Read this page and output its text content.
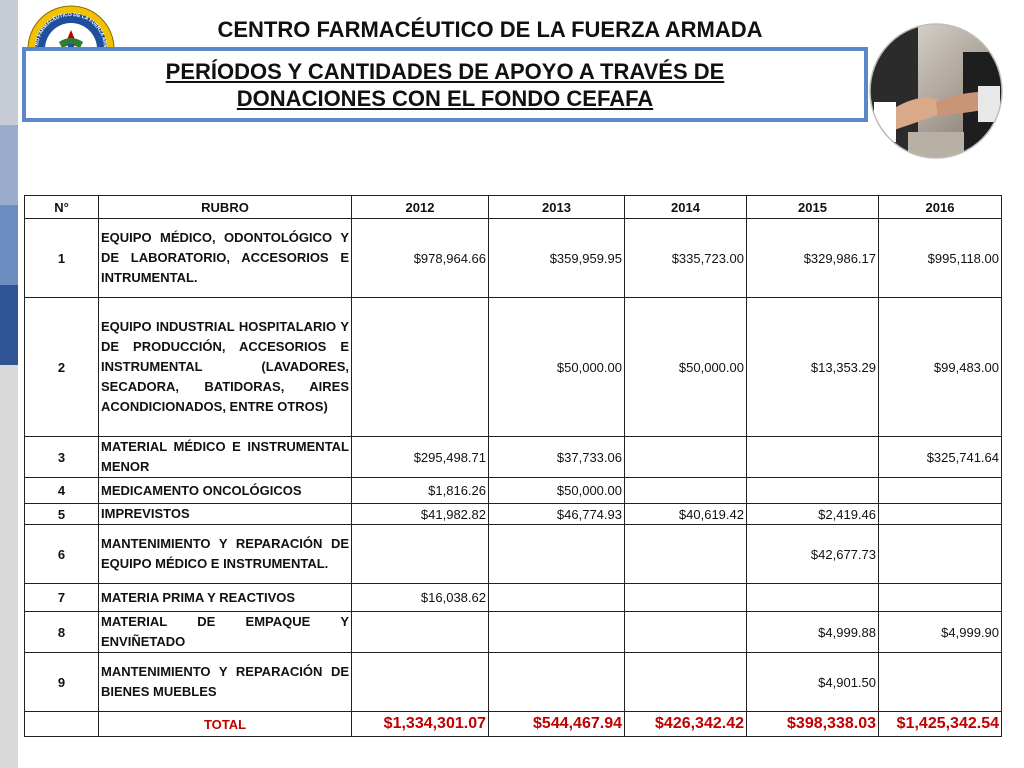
RO FARMACÉUTICO DE LA FUERZA AR
CENTRO FARMACÉUTICO DE LA FUERZA ARMADA
PERÍODOS Y CANTIDADES DE APOYO A TRAVÉS DE
DONACIONES CON EL FONDO CEFAFA
N°	RUBRO	2012	2013	2014	2015	2016
1	EQUIPO MÉDICO, ODONTOLÓGICO Y DE LABORATORIO, ACCESORIOS E INTRUMENTAL.	$978,964.66	$359,959.95	$335,723.00	$329,986.17	$995,118.00
2	EQUIPO INDUSTRIAL HOSPITALARIO Y DE PRODUCCIÓN, ACCESORIOS E INSTRUMENTAL (LAVADORES, SECADORA, BATIDORAS, AIRES ACONDICIONADOS, ENTRE OTROS)		$50,000.00	$50,000.00	$13,353.29	$99,483.00
3	MATERIAL MÉDICO E INSTRUMENTAL MENOR	$295,498.71	$37,733.06			$325,741.64
4	MEDICAMENTO ONCOLÓGICOS	$1,816.26	$50,000.00			
5	IMPREVISTOS	$41,982.82	$46,774.93	$40,619.42	$2,419.46	
6	MANTENIMIENTO Y REPARACIÓN DE EQUIPO MÉDICO E INSTRUMENTAL.				$42,677.73	
7	MATERIA PRIMA Y REACTIVOS	$16,038.62				
8	MATERIAL DE EMPAQUE Y ENVIÑETADO				$4,999.88	$4,999.90
9	MANTENIMIENTO Y REPARACIÓN DE BIENES MUEBLES				$4,901.50	
	TOTAL	$1,334,301.07	$544,467.94	$426,342.42	$398,338.03	$1,425,342.54
